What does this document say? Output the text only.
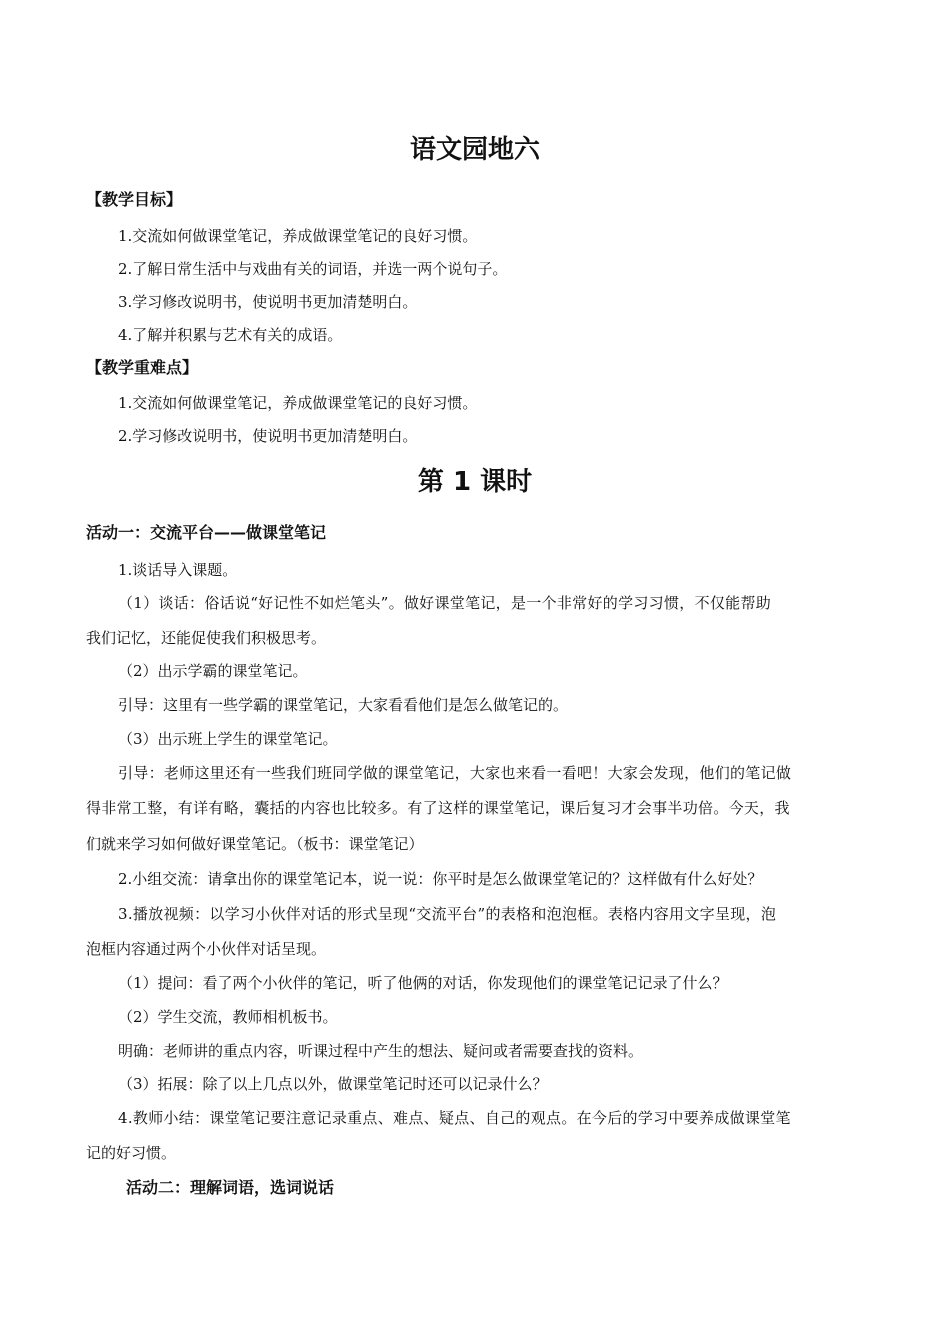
语文园地六
【教学目标】
1.交流如何做课堂笔记，养成做课堂笔记的良好习惯。
2.了解日常生活中与戏曲有关的词语，并选一两个说句子。
3.学习修改说明书，使说明书更加清楚明白。
4.了解并积累与艺术有关的成语。
【教学重难点】
1.交流如何做课堂笔记，养成做课堂笔记的良好习惯。
2.学习修改说明书，使说明书更加清楚明白。
第 1 课时
活动一：交流平台——做课堂笔记
1.谈话导入课题。
（1）谈话：俗话说“好记性不如烂笔头”。做好课堂笔记，是一个非常好的学习习惯，不仅能帮助
我们记忆，还能促使我们积极思考。
（2）出示学霸的课堂笔记。
引导：这里有一些学霸的课堂笔记，大家看看他们是怎么做笔记的。
（3）出示班上学生的课堂笔记。
引导：老师这里还有一些我们班同学做的课堂笔记，大家也来看一看吧！大家会发现，他们的笔记做
得非常工整，有详有略，囊括的内容也比较多。有了这样的课堂笔记，课后复习才会事半功倍。今天，我
们就来学习如何做好课堂笔记。（板书：课堂笔记）
2.小组交流：请拿出你的课堂笔记本，说一说：你平时是怎么做课堂笔记的？这样做有什么好处？
3.播放视频：以学习小伙伴对话的形式呈现“交流平台”的表格和泡泡框。表格内容用文字呈现，泡
泡框内容通过两个小伙伴对话呈现。
（1）提问：看了两个小伙伴的笔记，听了他俩的对话，你发现他们的课堂笔记记录了什么？
（2）学生交流，教师相机板书。
明确：老师讲的重点内容，听课过程中产生的想法、疑问或者需要查找的资料。
（3）拓展：除了以上几点以外，做课堂笔记时还可以记录什么？
4.教师小结：课堂笔记要注意记录重点、难点、疑点、自己的观点。在今后的学习中要养成做课堂笔
记的好习惯。
活动二：理解词语，选词说话
